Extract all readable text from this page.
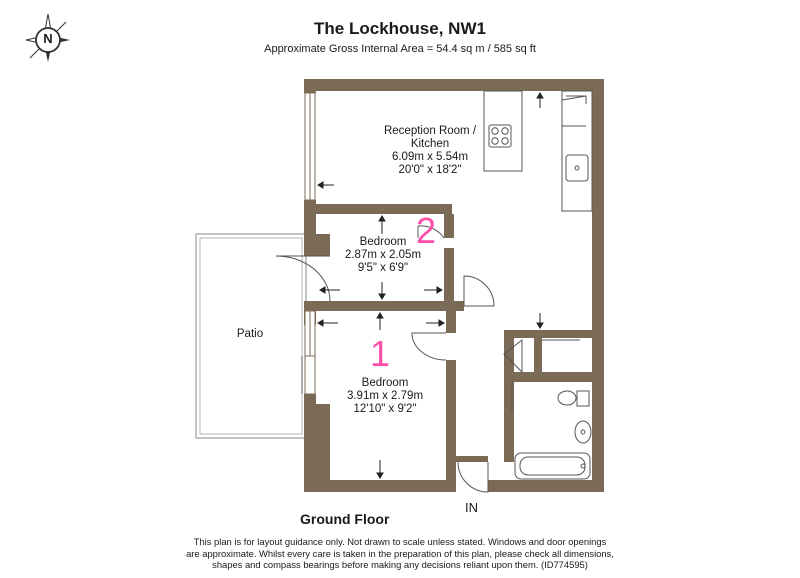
The Lockhouse, NW1
Approximate Gross Internal Area = 54.4 sq m / 585 sq ft
Reception Room /
Kitchen
6.09m x 5.54m
20'0" x 18'2"
Bedroom
2.87m x 2.05m
9'5" x 6'9"
Bedroom
3.91m x 2.79m
12'10" x 9'2"
Patio
2
1
N
Ground Floor
IN
This plan is for layout guidance only. Not drawn to scale unless stated. Windows and door openings
are approximate. Whilst every care is taken in the preparation of this plan, please check all dimensions,
shapes and compass bearings before making any decisions reliant upon them. (ID774595)
